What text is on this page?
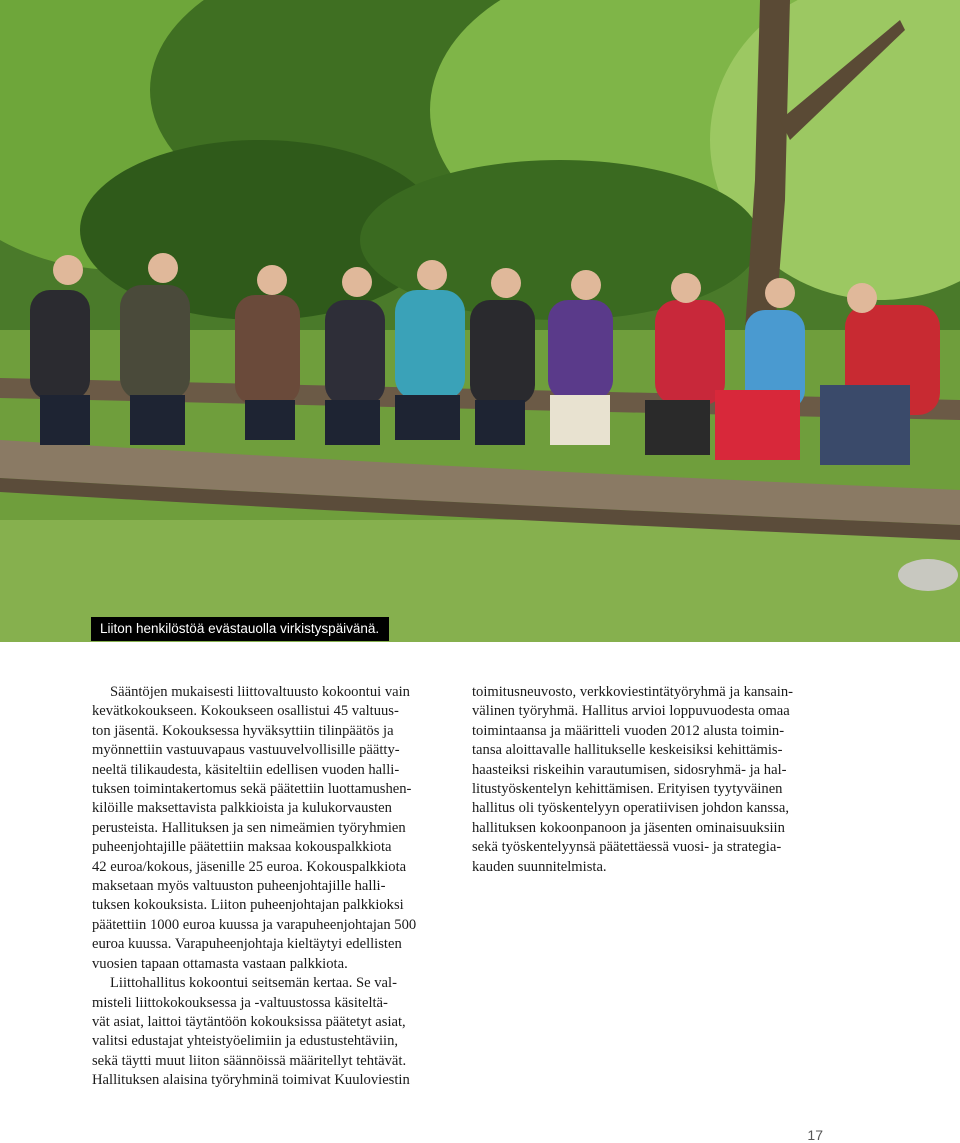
Liiton henkilöstöä evästauolla virkistyspäivänä.

Sääntöjen mukaisesti liittovaltuusto kokoontui vain

kevätkokoukseen. Kokoukseen osallistui 45 valtuus-

ton jäsentä. Kokouksessa hyväksyttiin tilinpäätös ja

myönnettiin vastuuvapaus vastuuvelvollisille päätty-

neeltä tilikaudesta, käsiteltiin edellisen vuoden halli-

tuksen toimintakertomus sekä päätettiin luottamushen-

kilöille maksettavista palkkioista ja kulukorvausten

perusteista. Hallituksen ja sen nimeämien työryhmien

puheenjohtajille päätettiin maksaa kokouspalkkiota

42 euroa/kokous, jäsenille 25 euroa. Kokouspalkkiota

maksetaan myös valtuuston puheenjohtajille halli-

tuksen kokouksista. Liiton puheenjohtajan palkkioksi

päätettiin 1000 euroa kuussa ja varapuheenjohtajan 500

euroa kuussa. Varapuheenjohtaja kieltäytyi edellisten

vuosien tapaan ottamasta vastaan palkkiota.

Liittohallitus kokoontui seitsemän kertaa. Se val-

misteli liittokokouksessa ja -valtuustossa käsiteltä-

vät asiat, laittoi täytäntöön kokouksissa päätetyt asiat,

valitsi edustajat yhteistyöelimiin ja edustustehtäviin,

sekä täytti muut liiton säännöissä määritellyt tehtävät.

Hallituksen alaisina työryhminä toimivat Kuuloviestin

toimitusneuvosto, verkkoviestintätyöryhmä ja kansain-

välinen työryhmä. Hallitus arvioi loppuvuodesta omaa

toimintaansa ja määritteli vuoden 2012 alusta toimin-

tansa aloittavalle hallitukselle keskeisiksi kehittämis-

haasteiksi riskeihin varautumisen, sidosryhmä- ja hal-

litustyöskentelyn kehittämisen. Erityisen tyytyväinen

hallitus oli työskentelyyn operatiivisen johdon kanssa,

hallituksen kokoonpanoon ja jäsenten ominaisuuksiin

sekä työskentelyynsä päätettäessä vuosi- ja strategia-

kauden suunnitelmista.

17
